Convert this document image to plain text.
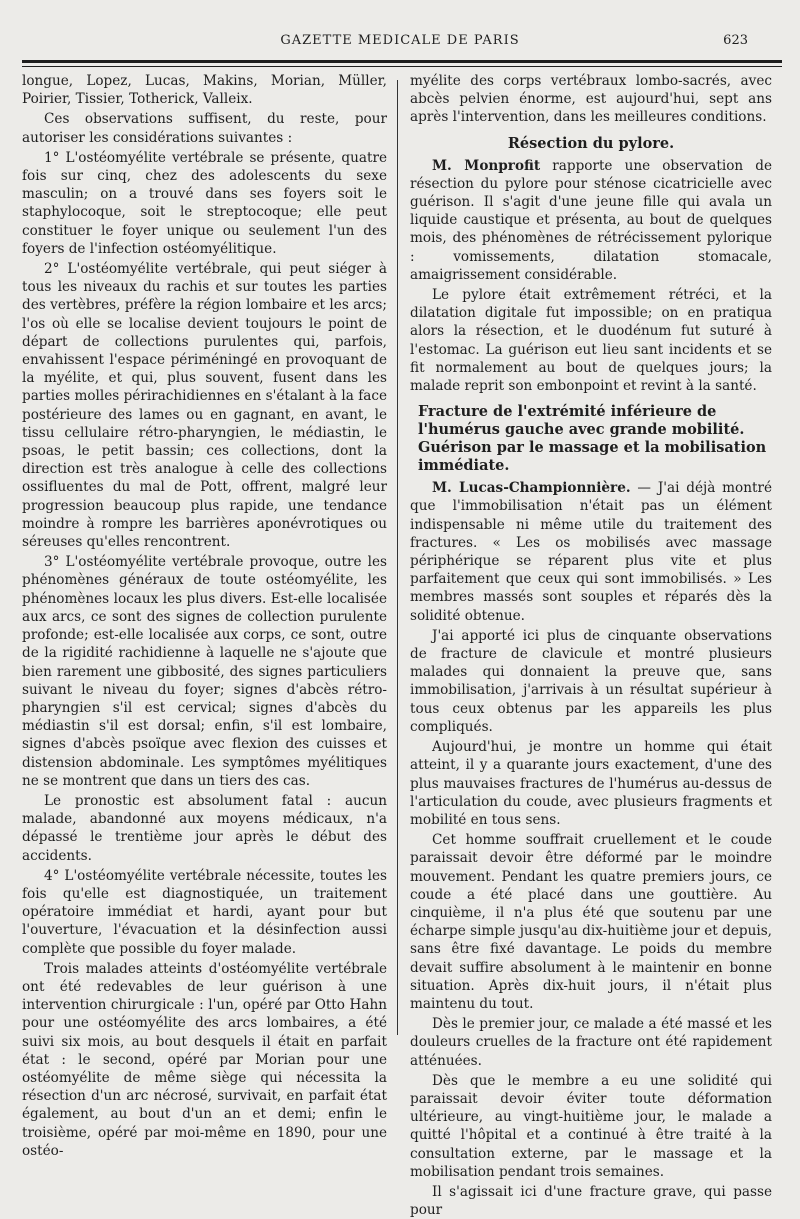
GAZETTE MEDICALE DE PARIS	623

longue, Lopez, Lucas, Makins, Morian, Müller, Poirier, Tissier, Totherick, Valleix.

Ces observations suffisent, du reste, pour autoriser les considérations suivantes :

1° L'ostéomyélite vertébrale se présente, quatre fois sur cinq, chez des adolescents du sexe masculin; on a trouvé dans ses foyers soit le staphylocoque, soit le streptocoque; elle peut constituer le foyer unique ou seulement l'un des foyers de l'infection ostéomyélitique.

2° L'ostéomyélite vertébrale, qui peut siéger à tous les niveaux du rachis et sur toutes les parties des vertèbres, préfère la région lombaire et les arcs; l'os où elle se localise devient toujours le point de départ de collections purulentes qui, parfois, envahissent l'espace périméningé en provoquant de la myélite, et qui, plus souvent, fusent dans les parties molles périrachidiennes en s'étalant à la face postérieure des lames ou en gagnant, en avant, le tissu cellulaire rétro-pharyngien, le médiastin, le psoas, le petit bassin; ces collections, dont la direction est très analogue à celle des collections ossifluentes du mal de Pott, offrent, malgré leur progression beaucoup plus rapide, une tendance moindre à rompre les barrières aponévrotiques ou séreuses qu'elles rencontrent.

3° L'ostéomyélite vertébrale provoque, outre les phénomènes généraux de toute ostéomyélite, les phénomènes locaux les plus divers. Est-elle localisée aux arcs, ce sont des signes de collection purulente profonde; est-elle localisée aux corps, ce sont, outre de la rigidité rachidienne à laquelle ne s'ajoute que bien rarement une gibbosité, des signes particuliers suivant le niveau du foyer; signes d'abcès rétro-pharyngien s'il est cervical; signes d'abcès du médiastin s'il est dorsal; enfin, s'il est lombaire, signes d'abcès psoïque avec flexion des cuisses et distension abdominale. Les symptômes myélitiques ne se montrent que dans un tiers des cas.

Le pronostic est absolument fatal : aucun malade, abandonné aux moyens médicaux, n'a dépassé le trentième jour après le début des accidents.

4° L'ostéomyélite vertébrale nécessite, toutes les fois qu'elle est diagnostiquée, un traitement opératoire immédiat et hardi, ayant pour but l'ouverture, l'évacuation et la désinfection aussi complète que possible du foyer malade.

Trois malades atteints d'ostéomyélite vertébrale ont été redevables de leur guérison à une intervention chirurgicale : l'un, opéré par Otto Hahn pour une ostéomyélite des arcs lombaires, a été suivi six mois, au bout desquels il était en parfait état : le second, opéré par Morian pour une ostéomyélite de même siège qui nécessita la résection d'un arc nécrosé, survivait, en parfait état également, au bout d'un an et demi; enfin le troisième, opéré par moi-même en 1890, pour une ostéo-

myélite des corps vertébraux lombo-sacrés, avec abcès pelvien énorme, est aujourd'hui, sept ans après l'intervention, dans les meilleures conditions.

Résection du pylore.

M. Monprofit rapporte une observation de résection du pylore pour sténose cicatricielle avec guérison. Il s'agit d'une jeune fille qui avala un liquide caustique et présenta, au bout de quelques mois, des phénomènes de rétrécissement pylorique : vomissements, dilatation stomacale, amaigrissement considérable.

Le pylore était extrêmement rétréci, et la dilatation digitale fut impossible; on en pratiqua alors la résection, et le duodénum fut suturé à l'estomac. La guérison eut lieu sant incidents et se fit normalement au bout de quelques jours; la malade reprit son embonpoint et revint à la santé.

Fracture de l'extrémité inférieure de l'humérus gauche avec grande mobilité. Guérison par le massage et la mobilisation immédiate.

M. Lucas-Championnière. — J'ai déjà montré que l'immobilisation n'était pas un élément indispensable ni même utile du traitement des fractures. « Les os mobilisés avec massage périphérique se réparent plus vite et plus parfaitement que ceux qui sont immobilisés. » Les membres massés sont souples et réparés dès la solidité obtenue.

J'ai apporté ici plus de cinquante observations de fracture de clavicule et montré plusieurs malades qui donnaient la preuve que, sans immobilisation, j'arrivais à un résultat supérieur à tous ceux obtenus par les appareils les plus compliqués.

Aujourd'hui, je montre un homme qui était atteint, il y a quarante jours exactement, d'une des plus mauvaises fractures de l'humérus au-dessus de l'articulation du coude, avec plusieurs fragments et mobilité en tous sens.

Cet homme souffrait cruellement et le coude paraissait devoir être déformé par le moindre mouvement. Pendant les quatre premiers jours, ce coude a été placé dans une gouttière. Au cinquième, il n'a plus été que soutenu par une écharpe simple jusqu'au dix-huitième jour et depuis, sans être fixé davantage. Le poids du membre devait suffire absolument à le maintenir en bonne situation. Après dix-huit jours, il n'était plus maintenu du tout.

Dès le premier jour, ce malade a été massé et les douleurs cruelles de la fracture ont été rapidement atténuées.

Dès que le membre a eu une solidité qui paraissait devoir éviter toute déformation ultérieure, au vingt-huitième jour, le malade a quitté l'hôpital et a continué à être traité à la consultation externe, par le massage et la mobilisation pendant trois semaines.

Il s'agissait ici d'une fracture grave, qui passe pour
